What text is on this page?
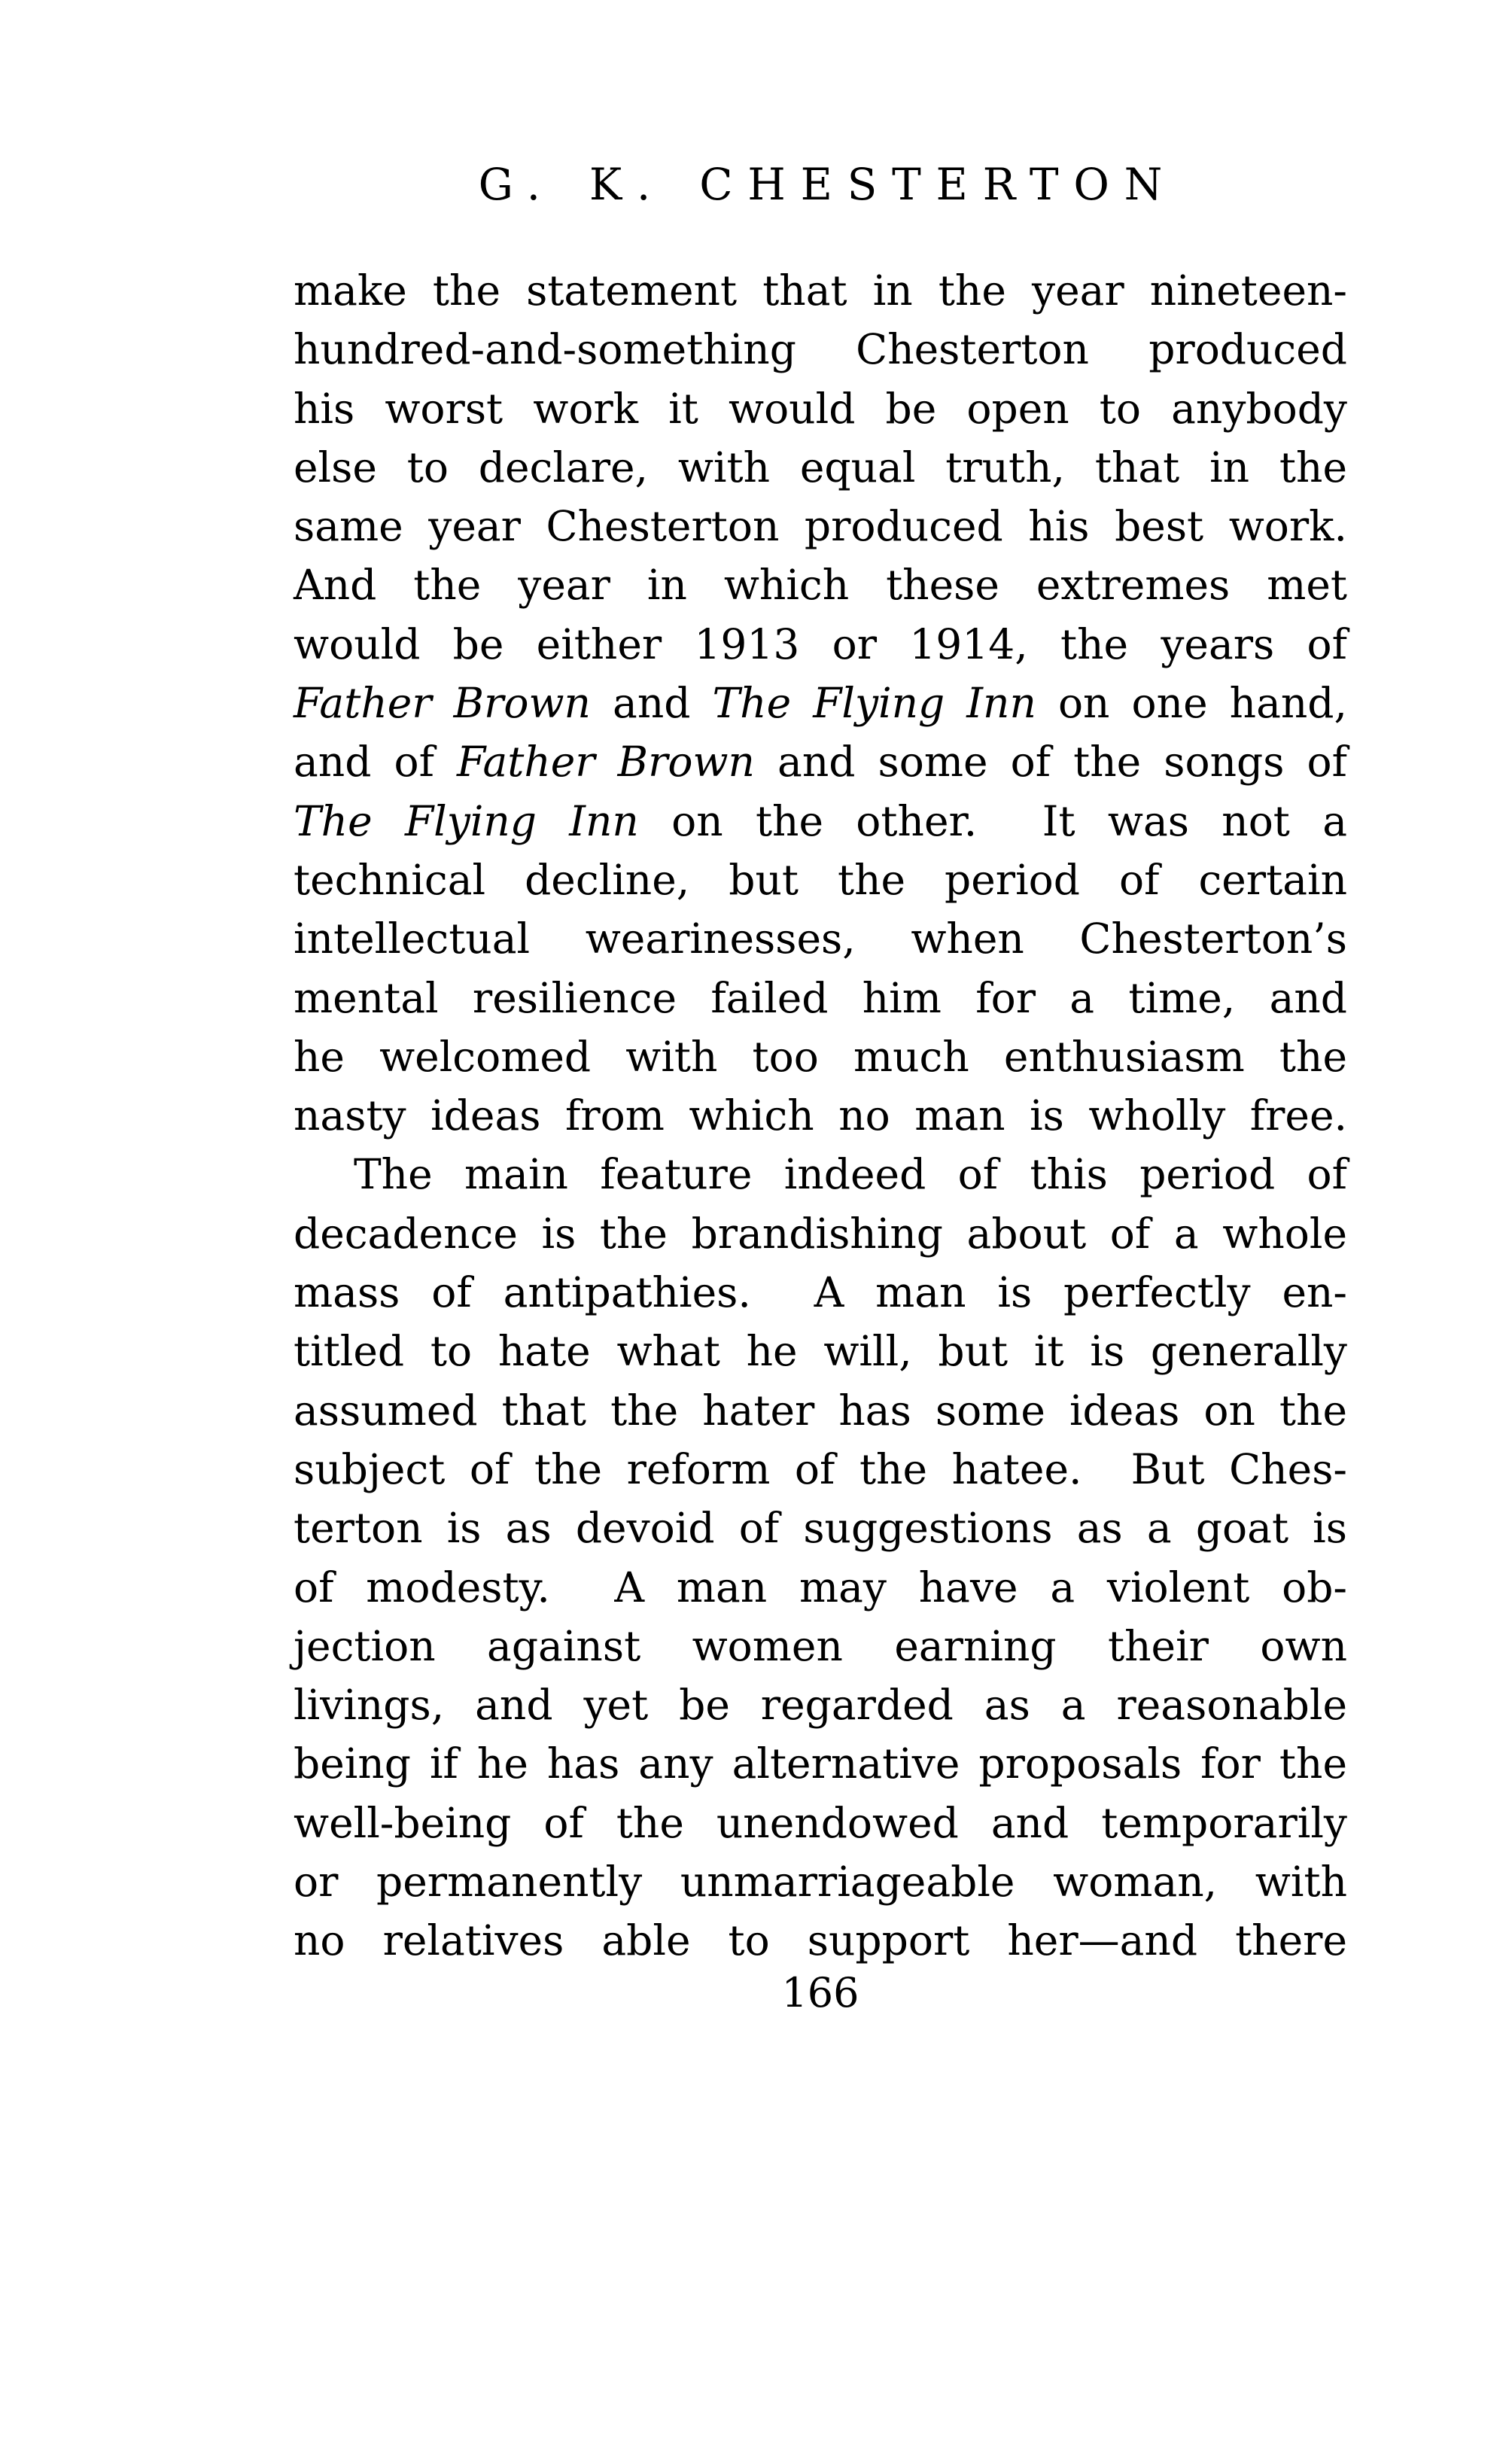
G. K. CHESTERTON
make the statement that in the year nineteen-
hundred-and-something Chesterton produced
his worst work it would be open to anybody
else to declare, with equal truth, that in the
same year Chesterton produced his best work.
And the year in which these extremes met
would be either 1913 or 1914, the years of
Father Brown and The Flying Inn on one hand,
and of Father Brown and some of the songs of
The Flying Inn on the other.  It was not a
technical decline, but the period of certain
intellectual wearinesses, when Chesterton’s
mental resilience failed him for a time, and
he welcomed with too much enthusiasm the
nasty ideas from which no man is wholly free.
The main feature indeed of this period of
decadence is the brandishing about of a whole
mass of antipathies.  A man is perfectly en-
titled to hate what he will, but it is generally
assumed that the hater has some ideas on the
subject of the reform of the hatee.  But Ches-
terton is as devoid of suggestions as a goat is
of modesty.  A man may have a violent ob-
jection against women earning their own
livings, and yet be regarded as a reasonable
being if he has any alternative proposals for the
well-being of the unendowed and temporarily
or permanently unmarriageable woman, with
no relatives able to support her—and there
166
